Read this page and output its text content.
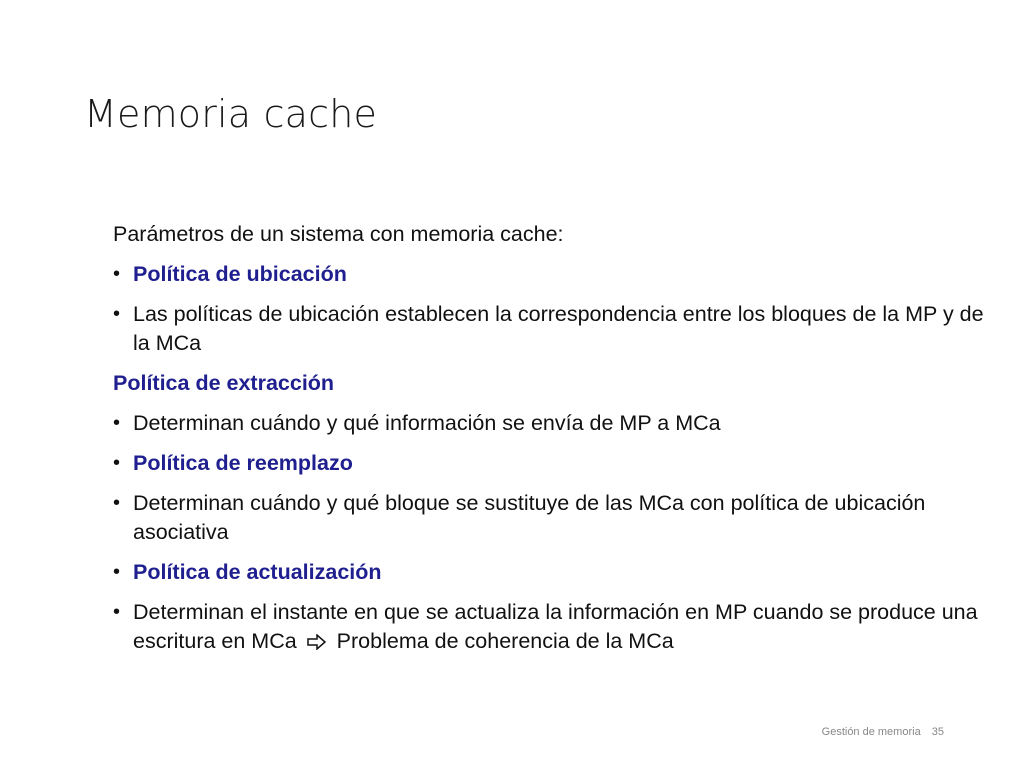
Memoria cache

Parámetros de un sistema con memoria cache:

• Política de ubicación
• Las políticas de ubicación establecen la correspondencia entre los bloques de la MP y de la MCa

Política de extracción

• Determinan cuándo y qué información se envía de MP a MCa
• Política de reemplazo
• Determinan cuándo y qué bloque se sustituye de las MCa con política de ubicación asociativa
• Política de actualización
• Determinan el instante en que se actualiza la información en MP cuando se produce una escritura en MCa Problema de coherencia de la MCa
Gestión de memoria 35
